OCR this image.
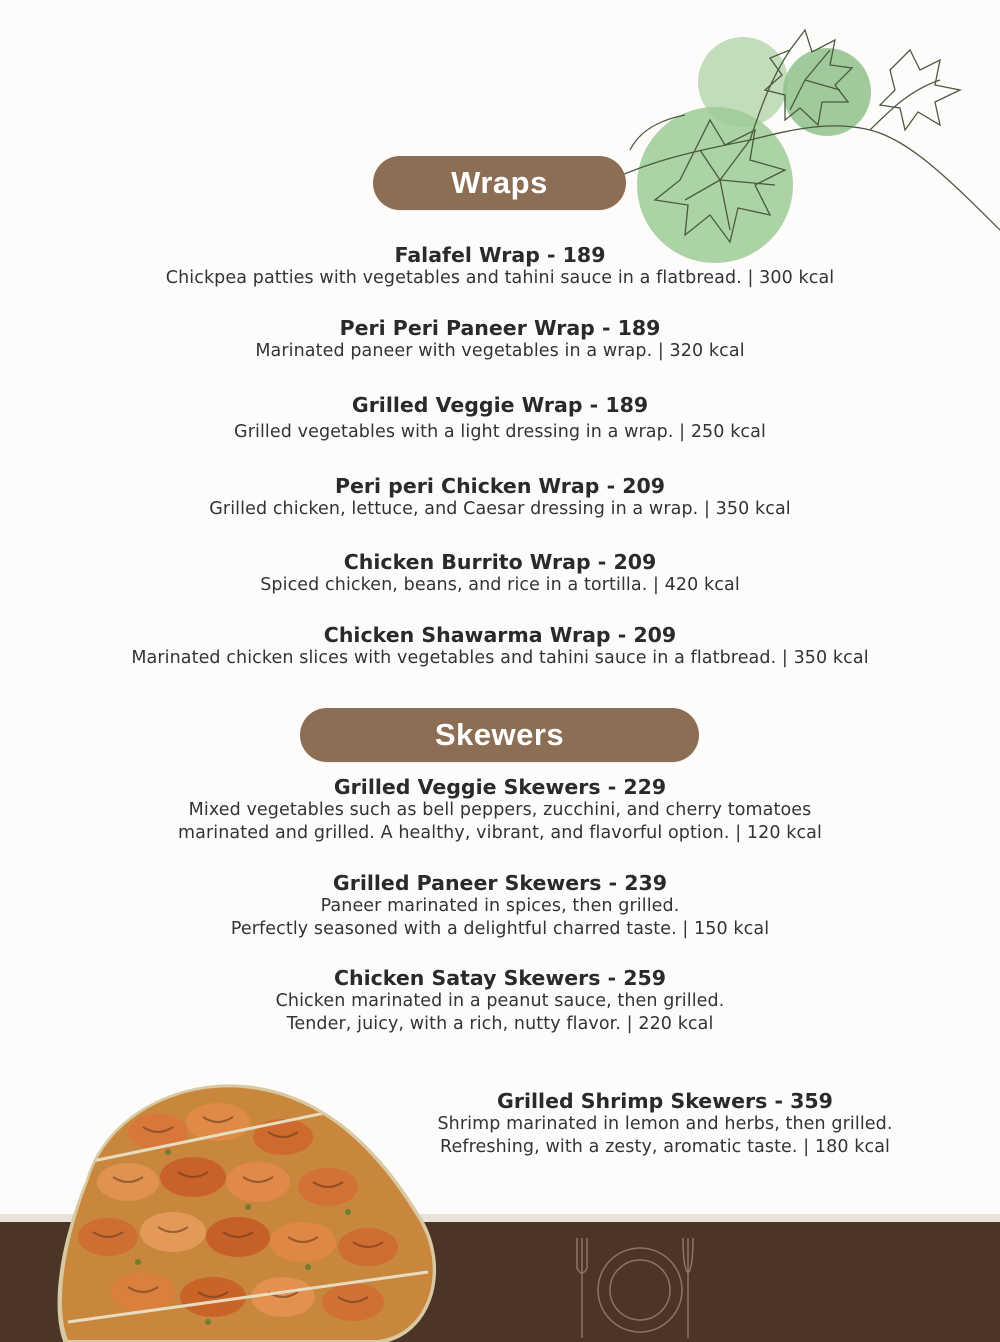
Wraps
Falafel Wrap - 189
Chickpea patties with vegetables and tahini sauce in a flatbread. | 300 kcal
Peri Peri Paneer Wrap - 189
Marinated paneer with vegetables in a wrap. | 320 kcal
Grilled Veggie Wrap - 189
Grilled vegetables with a light dressing in a wrap. | 250 kcal
Peri peri Chicken Wrap - 209
Grilled chicken, lettuce, and Caesar dressing in a wrap. | 350 kcal
Chicken Burrito Wrap - 209
Spiced chicken, beans, and rice in a tortilla. | 420 kcal
Chicken Shawarma Wrap - 209
Marinated chicken slices with vegetables and tahini sauce in a flatbread. | 350 kcal
Skewers
Grilled Veggie Skewers - 229
Mixed vegetables such as bell peppers, zucchini, and cherry tomatoes
marinated and grilled. A healthy, vibrant, and flavorful option. | 120 kcal
Grilled Paneer Skewers - 239
Paneer marinated in spices, then grilled.
Perfectly seasoned with a delightful charred taste. | 150 kcal
Chicken Satay Skewers - 259
Chicken marinated in a peanut sauce, then grilled.
Tender, juicy, with a rich, nutty flavor. | 220 kcal
Grilled Shrimp Skewers - 359
Shrimp marinated in lemon and herbs, then grilled.
Refreshing, with a zesty, aromatic taste. | 180 kcal
